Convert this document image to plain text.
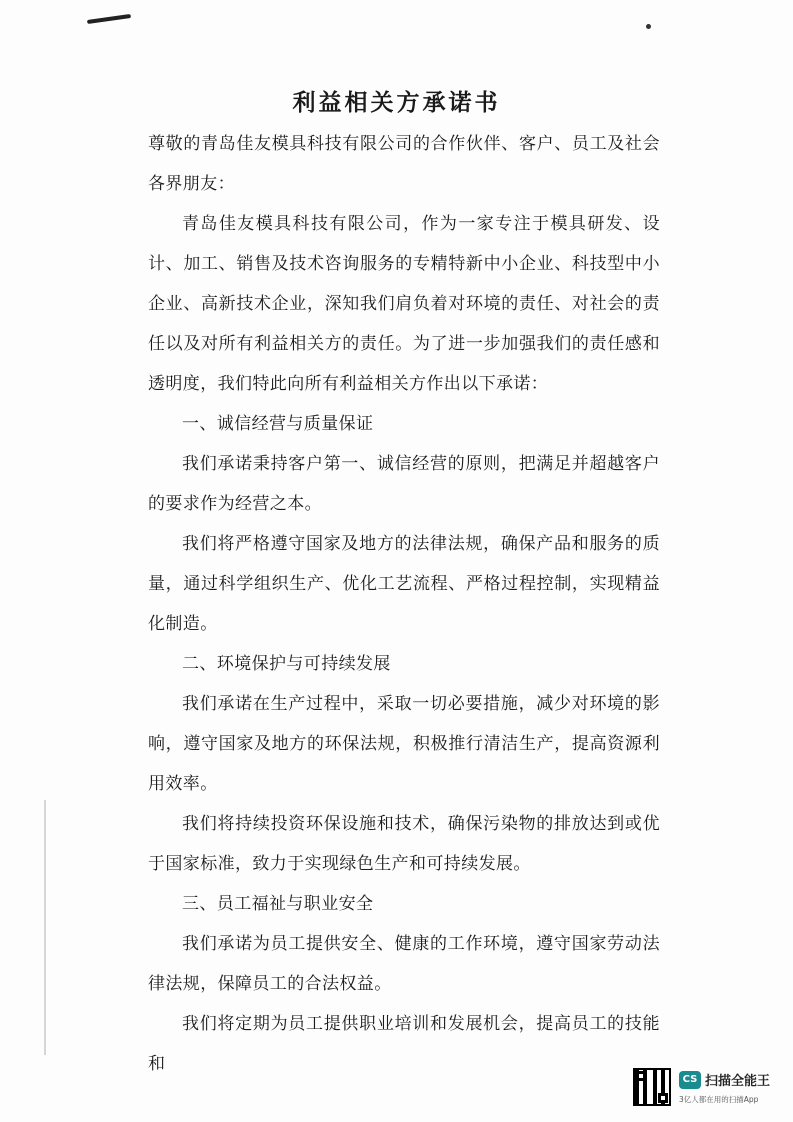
利益相关方承诺书

尊敬的青岛佳友模具科技有限公司的合作伙伴、客户、员工及社会各界朋友：

青岛佳友模具科技有限公司，作为一家专注于模具研发、设计、加工、销售及技术咨询服务的专精特新中小企业、科技型中小企业、高新技术企业，深知我们肩负着对环境的责任、对社会的责任以及对所有利益相关方的责任。为了进一步加强我们的责任感和透明度，我们特此向所有利益相关方作出以下承诺：

一、诚信经营与质量保证

我们承诺秉持客户第一、诚信经营的原则，把满足并超越客户的要求作为经营之本。

我们将严格遵守国家及地方的法律法规，确保产品和服务的质量，通过科学组织生产、优化工艺流程、严格过程控制，实现精益化制造。

二、环境保护与可持续发展

我们承诺在生产过程中，采取一切必要措施，减少对环境的影响，遵守国家及地方的环保法规，积极推行清洁生产，提高资源利用效率。

我们将持续投资环保设施和技术，确保污染物的排放达到或优于国家标准，致力于实现绿色生产和可持续发展。

三、员工福祉与职业安全

我们承诺为员工提供安全、健康的工作环境，遵守国家劳动法律法规，保障员工的合法权益。

我们将定期为员工提供职业培训和发展机会，提高员工的技能和

CS 扫描全能王
3亿人都在用的扫描App
